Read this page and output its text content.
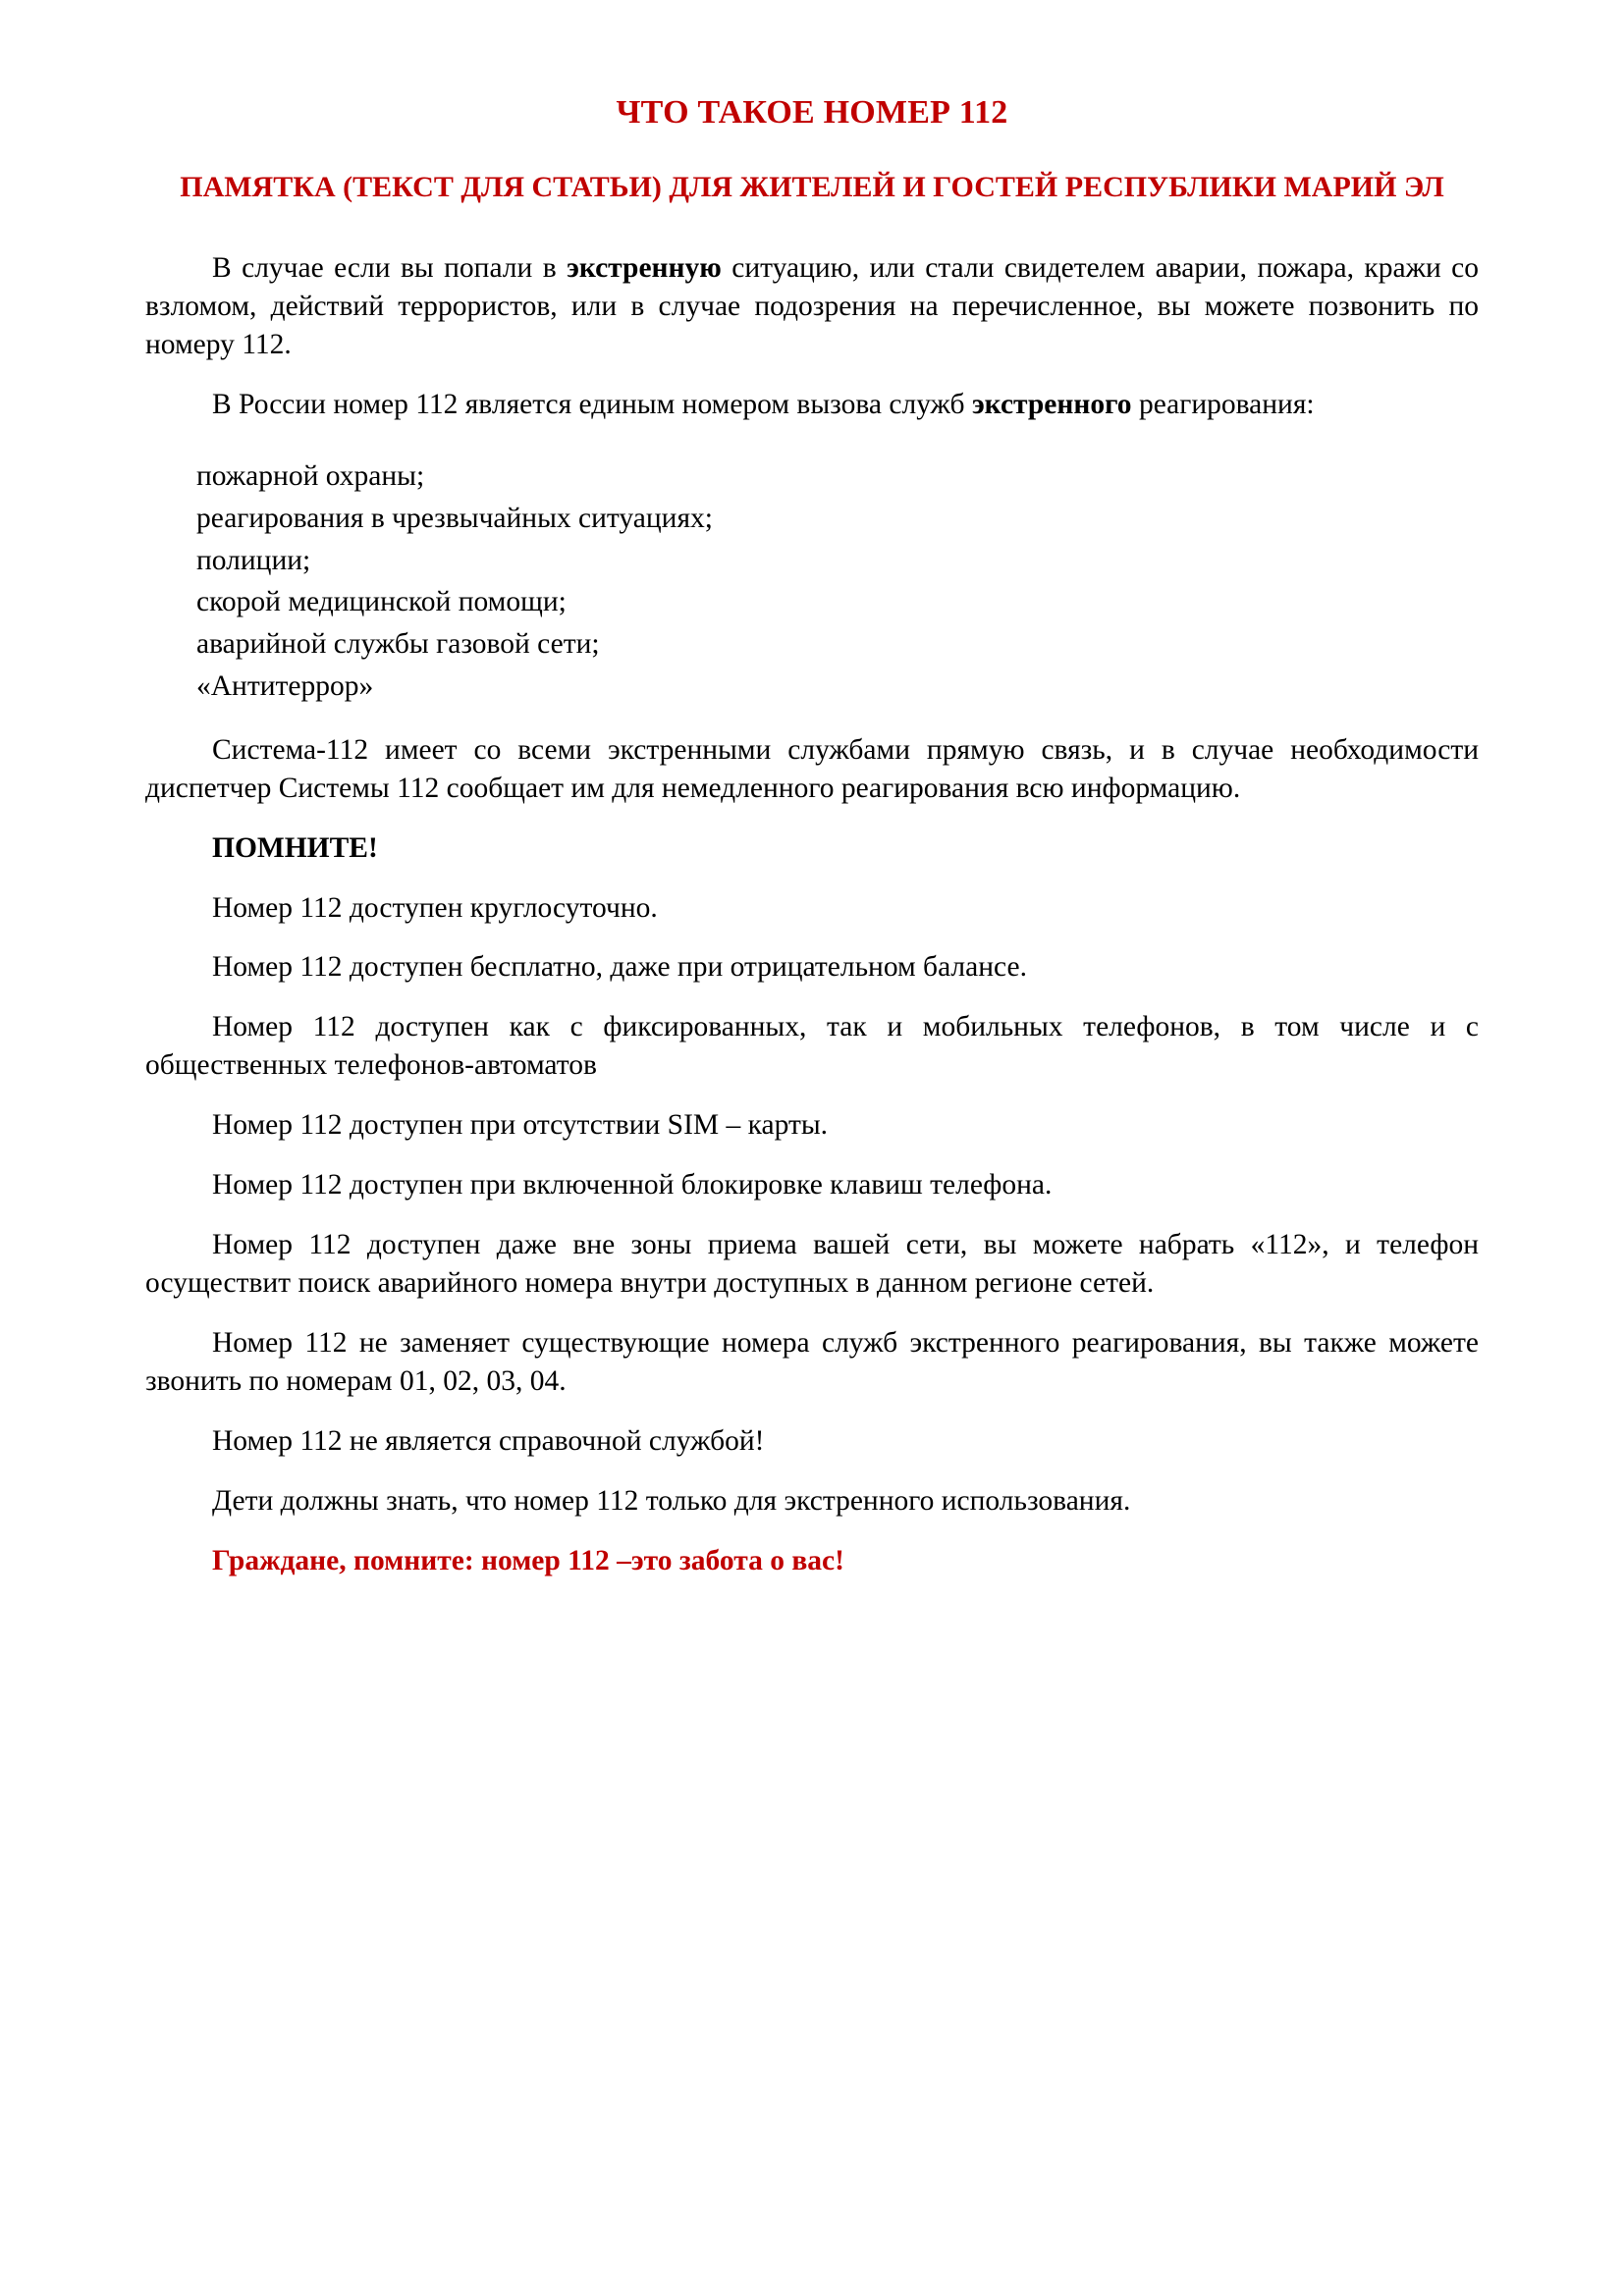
ЧТО ТАКОЕ НОМЕР 112
ПАМЯТКА (ТЕКСТ ДЛЯ СТАТЬИ) ДЛЯ ЖИТЕЛЕЙ И ГОСТЕЙ РЕСПУБЛИКИ МАРИЙ ЭЛ

В случае если вы попали в экстренную ситуацию, или стали свидетелем аварии, пожара, кражи со взломом, действий террористов, или в случае подозрения на перечисленное, вы можете позвонить по номеру 112.

В России номер 112 является единым номером вызова служб экстренного реагирования:

пожарной охраны;
реагирования в чрезвычайных ситуациях;
полиции;
скорой медицинской помощи;
аварийной службы газовой сети;
«Антитеррор»

Система-112 имеет со всеми экстренными службами прямую связь, и в случае необходимости диспетчер Системы 112 сообщает им для немедленного реагирования всю информацию.

ПОМНИТЕ!

Номер 112 доступен круглосуточно.

Номер 112 доступен бесплатно, даже при отрицательном балансе.

Номер 112 доступен как с фиксированных, так и мобильных телефонов, в том числе и с общественных телефонов-автоматов

Номер 112 доступен при отсутствии SIM – карты.

Номер 112 доступен при включенной блокировке клавиш телефона.

Номер 112 доступен даже вне зоны приема вашей сети, вы можете набрать «112», и телефон осуществит поиск аварийного номера внутри доступных в данном регионе сетей.

Номер 112 не заменяет существующие номера служб экстренного реагирования, вы также можете звонить по номерам 01, 02, 03, 04.

Номер 112 не является справочной службой!

Дети должны знать, что номер 112 только для экстренного использования.

Граждане, помните: номер 112 –это забота о вас!
